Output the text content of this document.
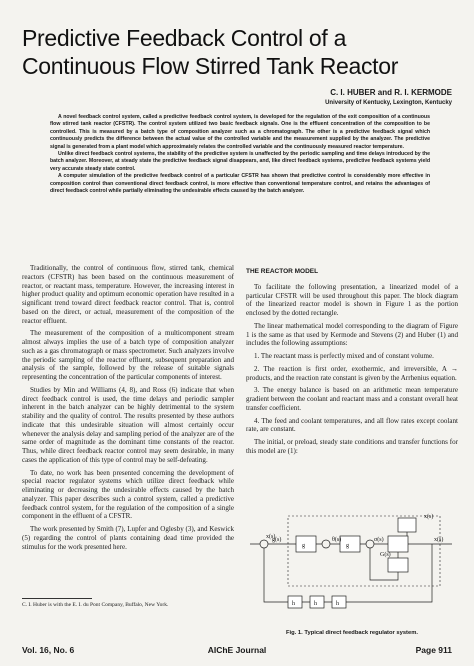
Predictive Feedback Control of a Continuous Flow Stirred Tank Reactor
C. I. HUBER and R. I. KERMODE
University of Kentucky, Lexington, Kentucky

A novel feedback control system, called a predictive feedback control system, is developed for the regulation of the exit composition of a continuous flow stirred tank reactor (CFSTR). The control system utilized two basic feedback signals. One is the effluent concentration of the composition to be controlled. This is measured by a batch type of composition analyzer such as a chromatograph. The other is a predictive feedback signal which continuously predicts the difference between the actual value of the controlled variable and the measurement supplied by the analyzer. The predictive signal is generated from a plant model which approximately relates the controlled variable and the continuously measured reactor temperature.

Unlike direct feedback control systems, the stability of the predictive system is unaffected by the periodic sampling and time delays introduced by the batch analyzer. Moreover, at steady state the predictive feedback signal disappears, and, like direct feedback systems, predictive feedback systems yield very accurate steady state control.

A computer simulation of the predictive feedback control of a particular CFSTR has shown that predictive control is considerably more effective in composition control than conventional direct feedback control, is more effective than conventional temperature control, and retains the advantages of direct feedback control while partially eliminating the undesirable effects caused by the batch analyzer.

Traditionally, the control of continuous flow, stirred tank, chemical reactors (CFSTR) has been based on the continuous measurement of reactor, or reactant mass, temperature. However, the increasing interest in higher product quality and optimum economic operation have resulted in a significant trend toward direct feedback reactor control. That is, control based on the direct, or actual, measurement of the composition of the reactor effluent.

The measurement of the composition of a multicomponent stream almost always implies the use of a batch type of composition analyzer such as a gas chromatograph or mass spectrometer. Such analyzers involve the periodic sampling of the reactor effluent, subsequent preparation and analysis of the sample, followed by the release of suitable signals representing the concentration of the particular components of interest.

Studies by Min and Williams (4, 8), and Ross (6) indicate that when direct feedback control is used, the time delays and periodic sampler inherent in the batch analyzer can be highly detrimental to the system stability and the quality of control. The results presented by these authors indicate that this undesirable situation will almost certainly occur whenever the analysis delay and sampling period of the analyzer are of the same order of magnitude as the dominant time constants of the reactor. Thus, while direct feedback reactor control may seem desirable, in many cases the application of this type of control may be self-defeating.

To date, no work has been presented concerning the development of special reactor regulator systems which utilize direct feedback while eliminating or decreasing the undesirable effects caused by the batch analyzer. This paper describes such a control system, called a predictive feedback control system, for the regulation of the composition of a single component in the effluent of a CFSTR.

The work presented by Smith (7), Lupfer and Oglesby (3), and Keswick (5) regarding the control of plants containing dead time provided the stimulus for the work presented here.

C. I. Huber is with the E. I. du Pont Company, Buffalo, New York.
THE REACTOR MODEL

To facilitate the following presentation, a linearized model of a particular CFSTR will be used throughout this paper. The block diagram of the linearized reactor model is shown in Figure 1 as the portion enclosed by the dotted rectangle.

The linear mathematical model corresponding to the diagram of Figure 1 is the same as that used by Kermode and Stevens (2) and Huber (1) and includes the following assumptions:

1. The reactant mass is perfectly mixed and of constant volume.

2. The reaction is first order, exothermic, and irreversible, A → products, and the reaction rate constant is given by the Arrhenius equation.

3. The energy balance is based on an arithmetic mean temperature gradient between the coolant and reactant mass and a constant overall heat transfer coefficient.

4. The feed and coolant temperatures, and all flow rates except coolant rate, are constant.

The initial, or preload, steady state conditions and transfer functions for this model are (1):

x(s)
x(s)
g(s)	θ(s)	σ(s)
G(s)
x(s)
g	g
h	h	h
Fig. 1. Typical direct feedback regulator system.
Vol. 16, No. 6	AIChE Journal	Page 911
